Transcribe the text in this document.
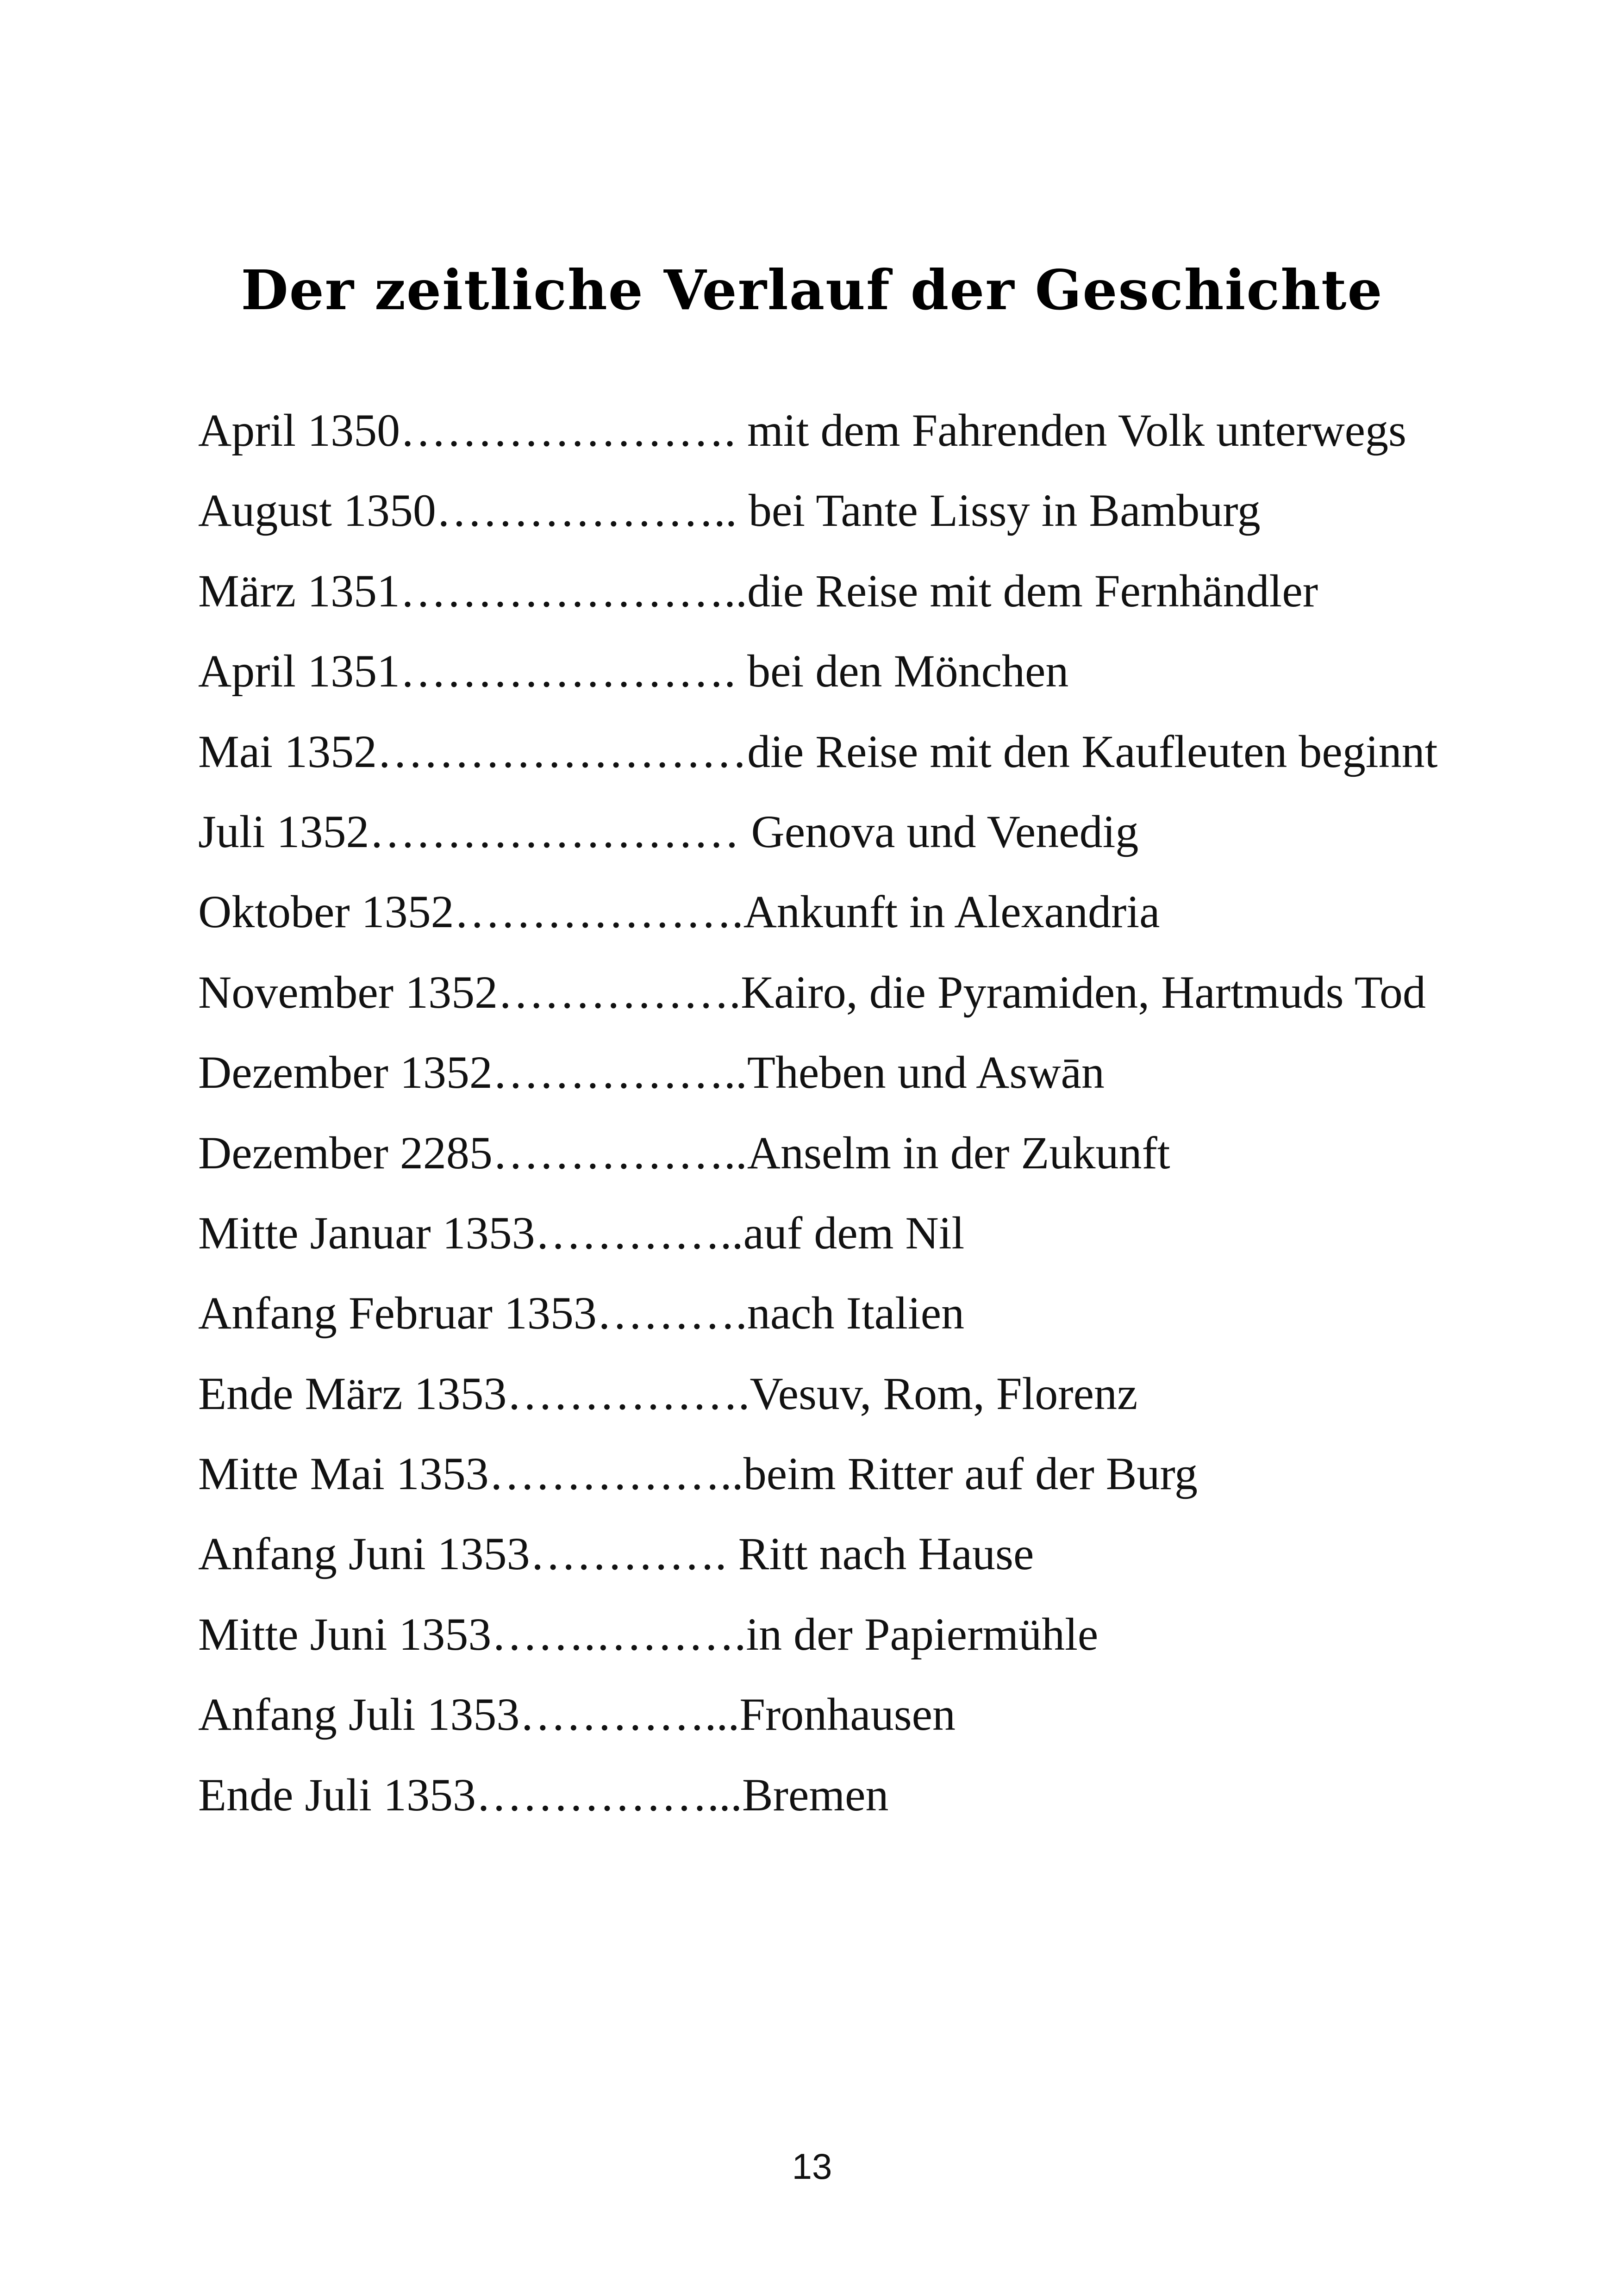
Der zeitliche Verlauf der Geschichte
April 1350…………………. mit dem Fahrenden Volk unterwegs
August 1350……………….. bei Tante Lissy in Bamburg
März 1351…………………..die Reise mit dem Fernhändler
April 1351…………………. bei den Mönchen
Mai 1352……………………die Reise mit den Kaufleuten beginnt
Juli 1352…………………… Genova und Venedig
Oktober 1352……………….Ankunft in Alexandria
November 1352…………….Kairo, die Pyramiden, Hartmuds Tod
Dezember 1352……………..Theben und Aswān
Dezember 2285……………..Anselm in der Zukunft
Mitte Januar 1353…………..auf dem Nil
Anfang Februar 1353……….nach Italien
Ende März 1353…………….Vesuv, Rom, Florenz
Mitte Mai 1353……………..beim Ritter auf der Burg
Anfang Juni 1353…………. Ritt nach Hause
Mitte Juni 1353…….……….in der Papiermühle
Anfang Juli 1353…………...Fronhausen
Ende Juli 1353……………...Bremen
13
